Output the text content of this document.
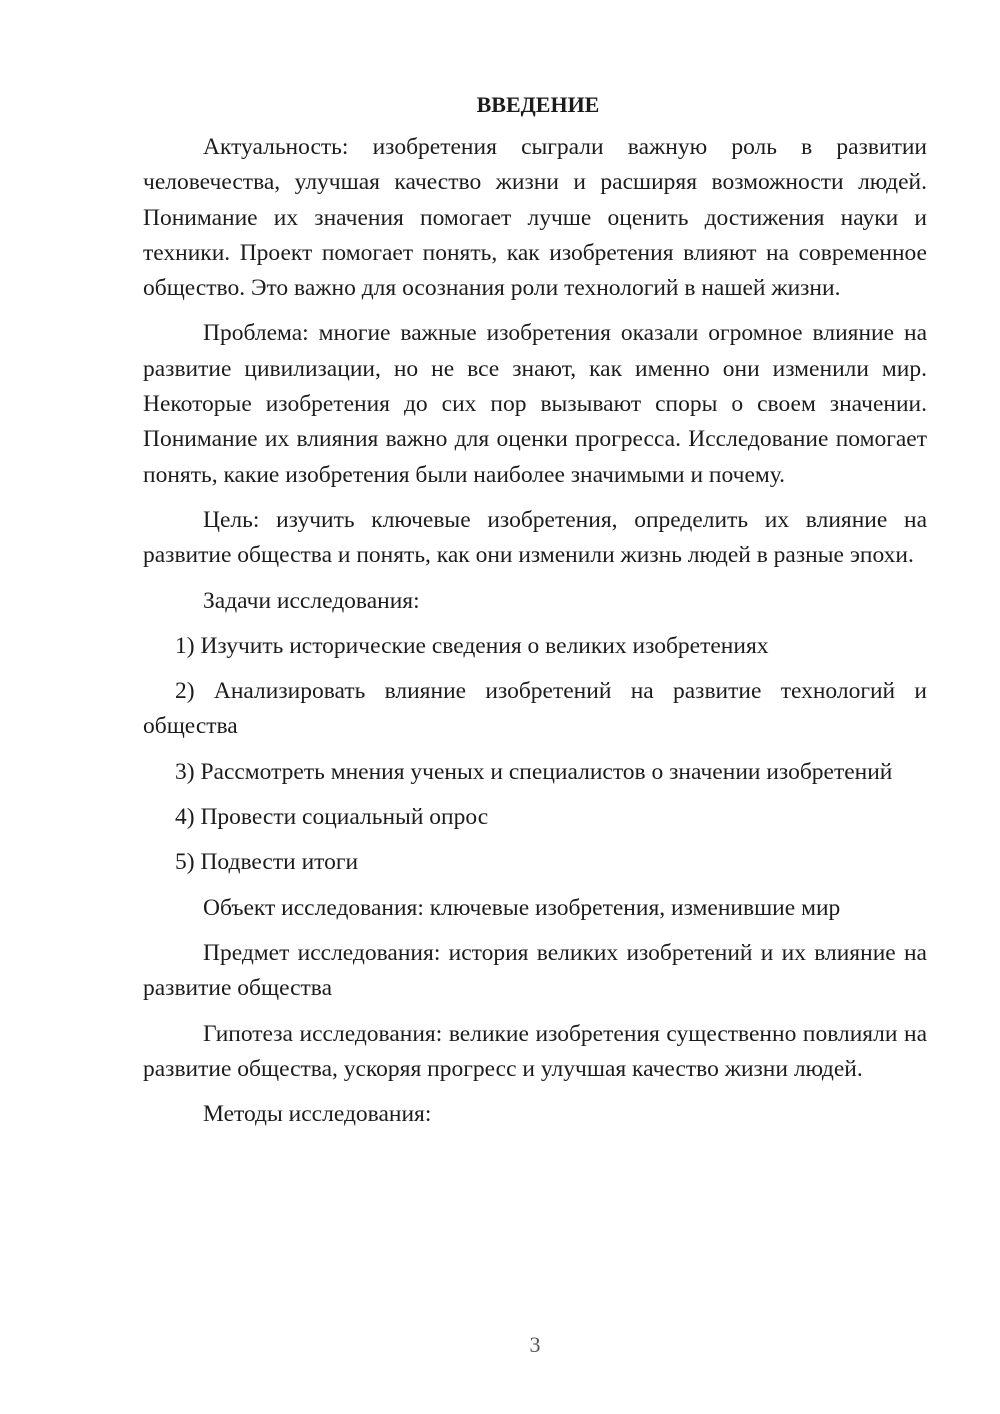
ВВЕДЕНИЕ

Актуальность: изобретения сыграли важную роль в развитии человечества, улучшая качество жизни и расширяя возможности людей. Понимание их значения помогает лучше оценить достижения науки и техники. Проект помогает понять, как изобретения влияют на современное общество. Это важно для осознания роли технологий в нашей жизни.

Проблема: многие важные изобретения оказали огромное влияние на развитие цивилизации, но не все знают, как именно они изменили мир. Некоторые изобретения до сих пор вызывают споры о своем значении. Понимание их влияния важно для оценки прогресса. Исследование помогает понять, какие изобретения были наиболее значимыми и почему.

Цель: изучить ключевые изобретения, определить их влияние на развитие общества и понять, как они изменили жизнь людей в разные эпохи.

Задачи исследования:

1) Изучить исторические сведения о великих изобретениях

2) Анализировать влияние изобретений на развитие технологий и общества

3) Рассмотреть мнения ученых и специалистов о значении изобретений

4) Провести социальный опрос

5) Подвести итоги

Объект исследования: ключевые изобретения, изменившие мир

Предмет исследования: история великих изобретений и их влияние на развитие общества

Гипотеза исследования: великие изобретения существенно повлияли на развитие общества, ускоряя прогресс и улучшая качество жизни людей.

Методы исследования:

3
